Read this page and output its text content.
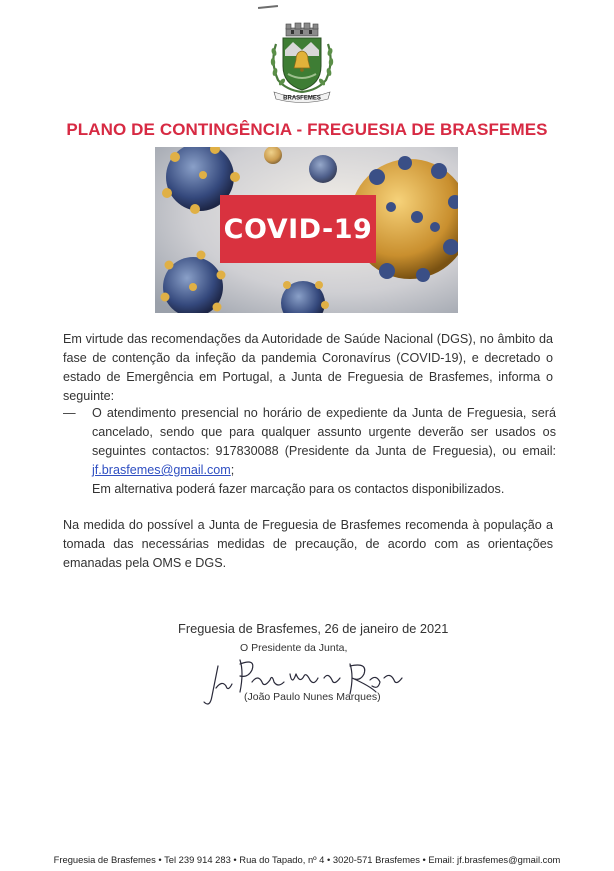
BRASFEMES
PLANO DE CONTINGÊNCIA - FREGUESIA DE BRASFEMES
COVID-19

Em virtude das recomendações da Autoridade de Saúde Nacional (DGS), no âmbito da fase de contenção da infeção da pandemia Coronavírus (COVID-19), e decretado o estado de Emergência em Portugal, a Junta de Freguesia de Brasfemes, informa o seguinte:

—	O atendimento presencial no horário de expediente da Junta de Freguesia, será cancelado, sendo que para qualquer assunto urgente deverão ser usados os seguintes contactos: 917830088 (Presidente da Junta de Freguesia), ou email: jf.brasfemes@gmail.com;
Em alternativa poderá fazer marcação para os contactos disponibilizados.

Na medida do possível a Junta de Freguesia de Brasfemes recomenda à população a tomada das necessárias medidas de precaução, de acordo com as orientações emanadas pela OMS e DGS.

Freguesia de Brasfemes, 26 de janeiro de 2021
O Presidente da Junta,
(João Paulo Nunes Marques)
Freguesia de Brasfemes • Tel 239 914 283 • Rua do Tapado, nº 4 • 3020-571 Brasfemes • Email: jf.brasfemes@gmail.com
